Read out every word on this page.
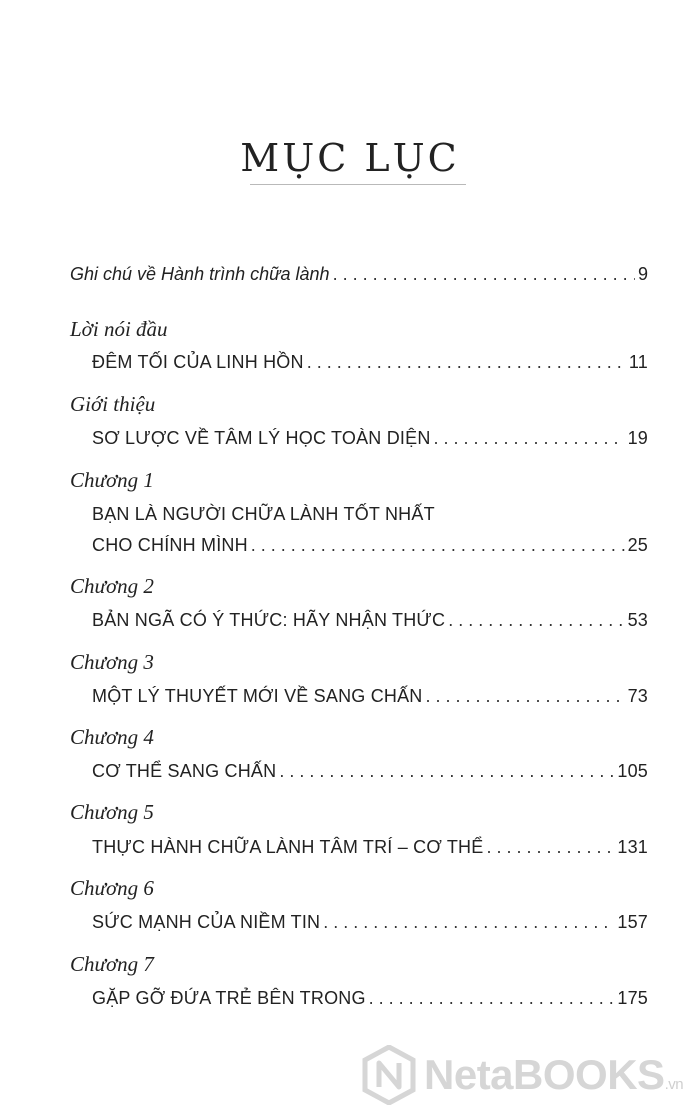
MỤC LỤC
Ghi chú về Hành trình chữa lành . . .	9
Lời nói đầu
ĐÊM TỐI CỦA LINH HỒN . . .	11
Giới thiệu
SƠ LƯỢC VỀ TÂM LÝ HỌC TOÀN DIỆN . . .	19
Chương 1
BẠN LÀ NGƯỜI CHỮA LÀNH TỐT NHẤT
CHO CHÍNH MÌNH . . .	25
Chương 2
BẢN NGÃ CÓ Ý THỨC: HÃY NHẬN THỨC . . .	53
Chương 3
MỘT LÝ THUYẾT MỚI VỀ SANG CHẤN . . .	73
Chương 4
CƠ THỂ SANG CHẤN . . .	105
Chương 5
THỰC HÀNH CHỮA LÀNH TÂM TRÍ – CƠ THỂ . . .	131
Chương 6
SỨC MẠNH CỦA NIỀM TIN . . .	157
Chương 7
GẶP GỠ ĐỨA TRẺ BÊN TRONG . . .	175
NetaBOOKS.vn
